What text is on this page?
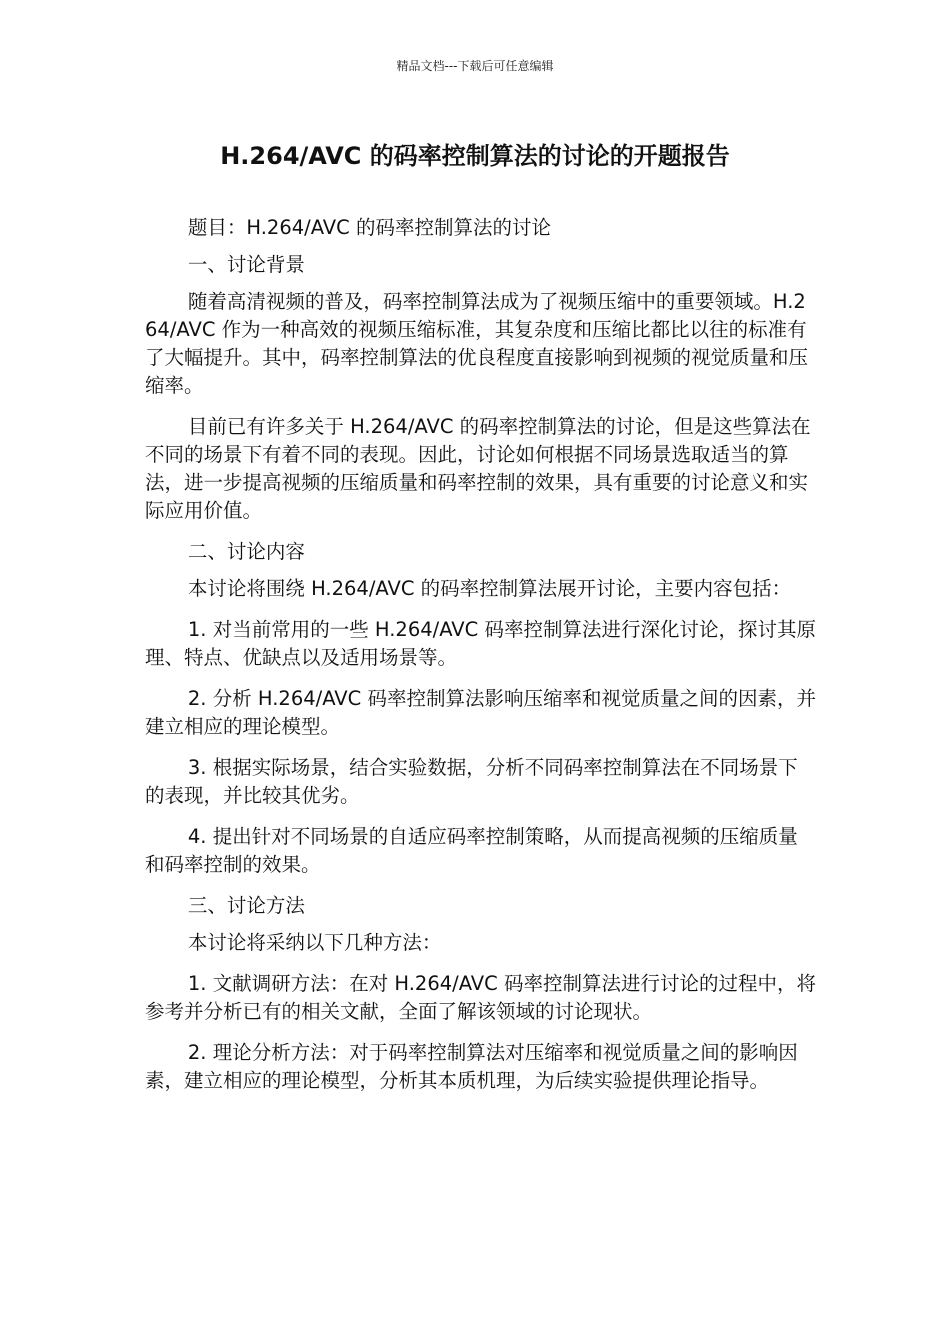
精品文档---下载后可任意编辑
H.264/AVC 的码率控制算法的讨论的开题报告

题目：H.264/AVC 的码率控制算法的讨论

一、讨论背景

随着高清视频的普及，码率控制算法成为了视频压缩中的重要领域。H.264/AVC 作为一种高效的视频压缩标准，其复杂度和压缩比都比以往的标准有了大幅提升。其中，码率控制算法的优良程度直接影响到视频的视觉质量和压缩率。

目前已有许多关于 H.264/AVC 的码率控制算法的讨论，但是这些算法在不同的场景下有着不同的表现。因此，讨论如何根据不同场景选取适当的算法，进一步提高视频的压缩质量和码率控制的效果，具有重要的讨论意义和实际应用价值。

二、讨论内容

本讨论将围绕 H.264/AVC 的码率控制算法展开讨论，主要内容包括：

1. 对当前常用的一些 H.264/AVC 码率控制算法进行深化讨论，探讨其原理、特点、优缺点以及适用场景等。

2. 分析 H.264/AVC 码率控制算法影响压缩率和视觉质量之间的因素，并建立相应的理论模型。

3. 根据实际场景，结合实验数据，分析不同码率控制算法在不同场景下的表现，并比较其优劣。

4. 提出针对不同场景的自适应码率控制策略，从而提高视频的压缩质量和码率控制的效果。

三、讨论方法

本讨论将采纳以下几种方法：

1. 文献调研方法：在对 H.264/AVC 码率控制算法进行讨论的过程中，将参考并分析已有的相关文献，全面了解该领域的讨论现状。

2. 理论分析方法：对于码率控制算法对压缩率和视觉质量之间的影响因素，建立相应的理论模型，分析其本质机理，为后续实验提供理论指导。
